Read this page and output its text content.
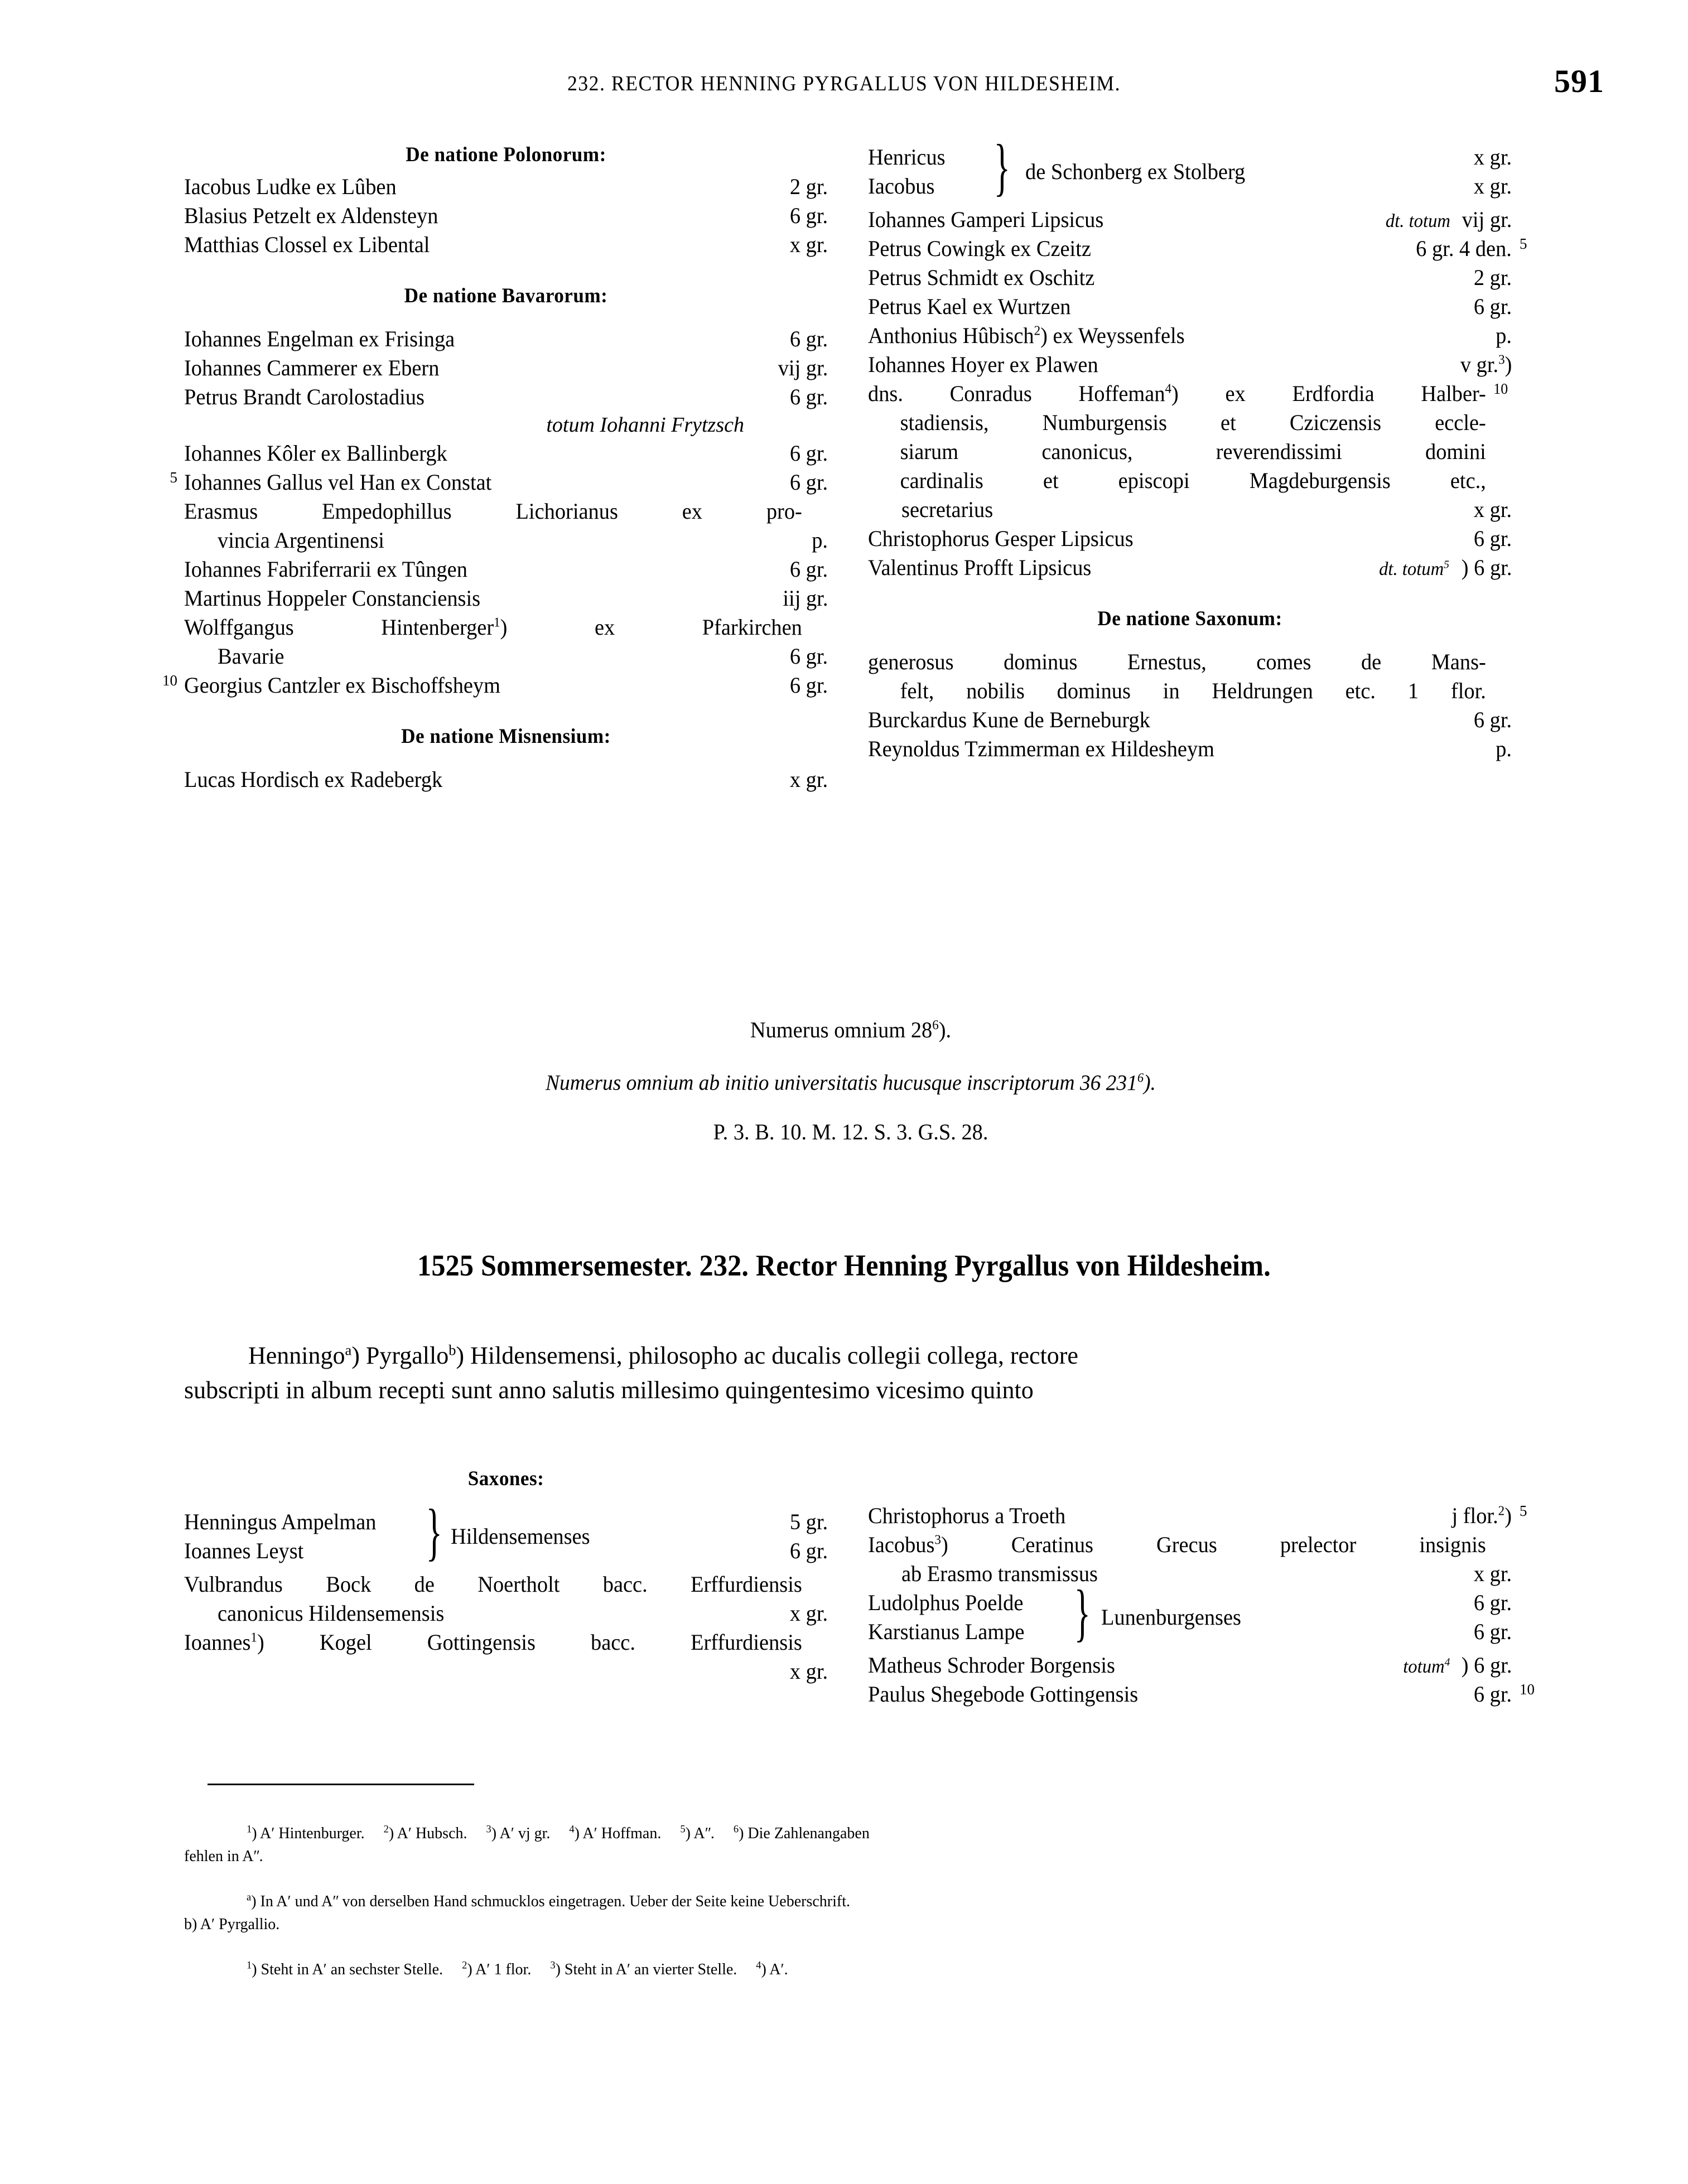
232. RECTOR HENNING PYRGALLUS VON HILDESHEIM.	591
De natione Polonorum:
Iacobus Ludke ex Lûben	2 gr.
Blasius Petzelt ex Aldensteyn	6 gr.
Matthias Clossel ex Libental	x gr.
De natione Bavarorum:
Iohannes Engelman ex Frisinga	6 gr.
Iohannes Cammerer ex Ebern	vij gr.
Petrus Brandt Carolostadius	6 gr.
totum Iohanni Frytzsch
Iohannes Kôler ex Ballinbergk	6 gr.
5 Iohannes Gallus vel Han ex Constat	6 gr.
Erasmus Empedophillus Lichorianus ex pro-
vincia Argentinensi	p.
Iohannes Fabriferrarii ex Tûngen	6 gr.
Martinus Hoppeler Constanciensis	iij gr.
Wolffgangus Hintenberger$^1$) ex Pfarkirchen
Bavarie	6 gr.
10 Georgius Cantzler ex Bischoffsheym	6 gr.
De natione Misnensium:
Lucas Hordisch ex Radebergk	x gr.
Henricus	x gr.
Iacobus	x gr.
} de Schonberg ex Stolberg
Iohannes Gamperi Lipsicus	dt. totum vij gr.
Petrus Cowingk ex Czeitz	6 gr. 4 den. 5
Petrus Schmidt ex Oschitz	2 gr.
Petrus Kael ex Wurtzen	6 gr.
Anthonius Hûbisch$^2$) ex Weyssenfels	p.
Iohannes Hoyer ex Plawen	v gr.$^3$)
dns. Conradus Hoffeman$^4$) ex Erdfordia Halber- 10
stadiensis, Numburgensis et Cziczensis eccle-
siarum canonicus, reverendissimi domini
cardinalis et episcopi Magdeburgensis etc.,
secretarius	x gr.
Christophorus Gesper Lipsicus	6 gr.
Valentinus Profft Lipsicus	dt. totum$^5$ ) 6 gr.
De natione Saxonum:
generosus dominus Ernestus, comes de Mans-
felt, nobilis dominus in Heldrungen etc. 1 flor.
Burckardus Kune de Berneburgk	6 gr.
Reynoldus Tzimmerman ex Hildesheym	p.
Numerus omnium $28^6$).
Numerus omnium ab initio universitatis hucusque inscriptorum 36 $231^6$).
P. 3. B. 10. M. 12. S. 3. G.S. 28.
1525 Sommersemester. 232. Rector Henning Pyrgallus von Hildesheim.
Henningo$^a$) Pyrgallo$^b$) Hildensemensi, philosopho ac ducalis collegii collega, rectore
subscripti in album recepti sunt anno salutis millesimo quingentesimo vicesimo quinto
Saxones:
Henningus Ampelman	5 gr.
Ioannes Leyst	6 gr.
} Hildensemenses
Vulbrandus Bock de Noertholt bacc. Erffurdiensis
canonicus Hildensemensis	x gr.
Ioannes$^1$) Kogel Gottingensis bacc. Erffurdiensis
x gr.
Christophorus a Troeth	j flor.$^2$) 5
Iacobus$^3$) Ceratinus Grecus prelector insignis
ab Erasmo transmissus	x gr.
Ludolphus Poelde	6 gr.
Karstianus Lampe	6 gr.
} Lunenburgenses
Matheus Schroder Borgensis	totum$^4$ ) 6 gr.
Paulus Shegebode Gottingensis	6 gr. 10
$^1$) Aʹ Hintenburger. $^2$) Aʹ Hubsch. $^3$) Aʹ vj gr. $^4$) Aʹ Hoffman. $^5$) Aʺ. $^6$) Die Zahlenangaben
fehlen in Aʺ.
$^a$) In Aʹ und Aʺ von derselben Hand schmucklos eingetragen. Ueber der Seite keine Ueberschrift.
b) Aʹ Pyrgallio.
$^1$) Steht in Aʹ an sechster Stelle. $^2$) Aʹ 1 flor. $^3$) Steht in Aʹ an vierter Stelle. $^4$) Aʹ.
